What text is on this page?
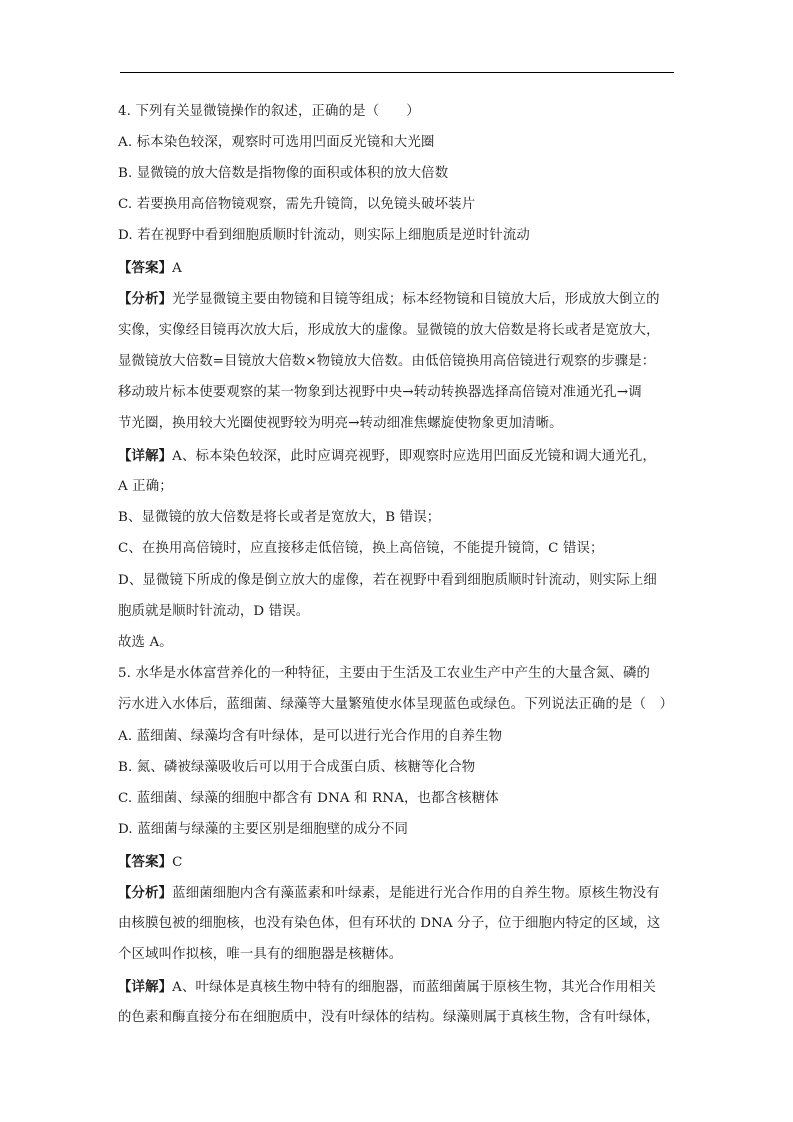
4. 下列有关显微镜操作的叙述，正确的是（　　）
A. 标本染色较深，观察时可选用凹面反光镜和大光圈
B. 显微镜的放大倍数是指物像的面积或体积的放大倍数
C. 若要换用高倍物镜观察，需先升镜筒，以免镜头破坏装片
D. 若在视野中看到细胞质顺时针流动，则实际上细胞质是逆时针流动
【答案】A
【分析】光学显微镜主要由物镜和目镜等组成；标本经物镜和目镜放大后，形成放大倒立的
实像，实像经目镜再次放大后，形成放大的虚像。显微镜的放大倍数是将长或者是宽放大，
显微镜放大倍数=目镜放大倍数×物镜放大倍数。由低倍镜换用高倍镜进行观察的步骤是：
移动玻片标本使要观察的某一物象到达视野中央→转动转换器选择高倍镜对准通光孔→调
节光圈，换用较大光圈使视野较为明亮→转动细准焦螺旋使物象更加清晰。
【详解】A、标本染色较深，此时应调亮视野，即观察时应选用凹面反光镜和调大通光孔，
A 正确；
B、显微镜的放大倍数是将长或者是宽放大，B 错误；
C、在换用高倍镜时，应直接移走低倍镜，换上高倍镜，不能提升镜筒，C 错误；
D、显微镜下所成的像是倒立放大的虚像，若在视野中看到细胞质顺时针流动，则实际上细
胞质就是顺时针流动，D 错误。
故选 A。
5. 水华是水体富营养化的一种特征，主要由于生活及工农业生产中产生的大量含氮、磷的
污水进入水体后，蓝细菌、绿藻等大量繁殖使水体呈现蓝色或绿色。下列说法正确的是（　）
A. 蓝细菌、绿藻均含有叶绿体，是可以进行光合作用的自养生物
B. 氮、磷被绿藻吸收后可以用于合成蛋白质、核糖等化合物
C. 蓝细菌、绿藻的细胞中都含有 DNA 和 RNA，也都含核糖体
D. 蓝细菌与绿藻的主要区别是细胞壁的成分不同
【答案】C
【分析】蓝细菌细胞内含有藻蓝素和叶绿素，是能进行光合作用的自养生物。原核生物没有
由核膜包被的细胞核，也没有染色体，但有环状的 DNA 分子，位于细胞内特定的区域，这
个区域叫作拟核，唯一具有的细胞器是核糖体。
【详解】A、叶绿体是真核生物中特有的细胞器，而蓝细菌属于原核生物，其光合作用相关
的色素和酶直接分布在细胞质中，没有叶绿体的结构。绿藻则属于真核生物，含有叶绿体，
